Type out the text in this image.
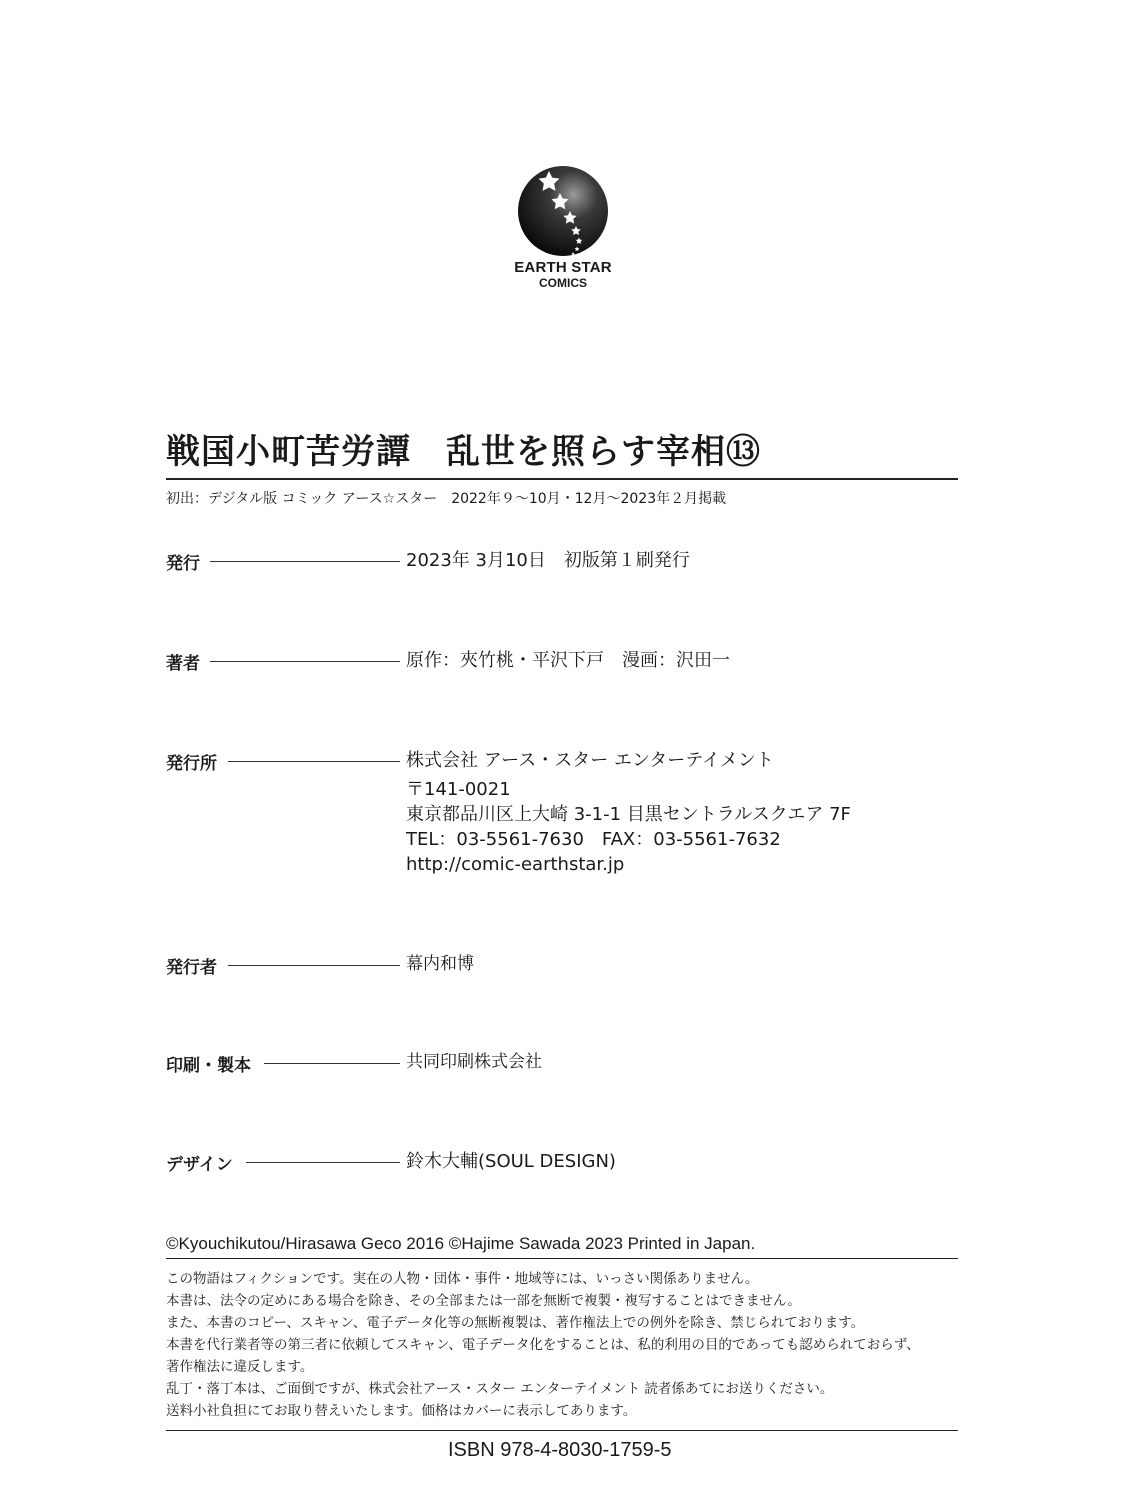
EARTH STAR
COMICS
戦国小町苦労譚　乱世を照らす宰相⑬
初出：デジタル版 コミック アース☆スター　2022年９～10月・12月～2023年２月掲載
発行	2023年 3月10日　初版第１刷発行
著者	原作：夾竹桃・平沢下戸　漫画：沢田一
発行所	株式会社 アース・スター エンターテイメント
〒141-0021
東京都品川区上大崎 3-1-1 目黒セントラルスクエア 7F
TEL：03-5561-7630　FAX：03-5561-7632
http://comic-earthstar.jp
発行者	幕内和博
印刷・製本	共同印刷株式会社
デザイン	鈴木大輔(SOUL DESIGN)
©Kyouchikutou/Hirasawa Geco 2016 ©Hajime Sawada 2023 Printed in Japan.
この物語はフィクションです。実在の人物・団体・事件・地域等には、いっさい関係ありません。
本書は、法令の定めにある場合を除き、その全部または一部を無断で複製・複写することはできません。
また、本書のコピー、スキャン、電子データ化等の無断複製は、著作権法上での例外を除き、禁じられております。
本書を代行業者等の第三者に依頼してスキャン、電子データ化をすることは、私的利用の目的であっても認められておらず、
著作権法に違反します。
乱丁・落丁本は、ご面倒ですが、株式会社アース・スター エンターテイメント 読者係あてにお送りください。
送料小社負担にてお取り替えいたします。価格はカバーに表示してあります。
ISBN 978-4-8030-1759-5
